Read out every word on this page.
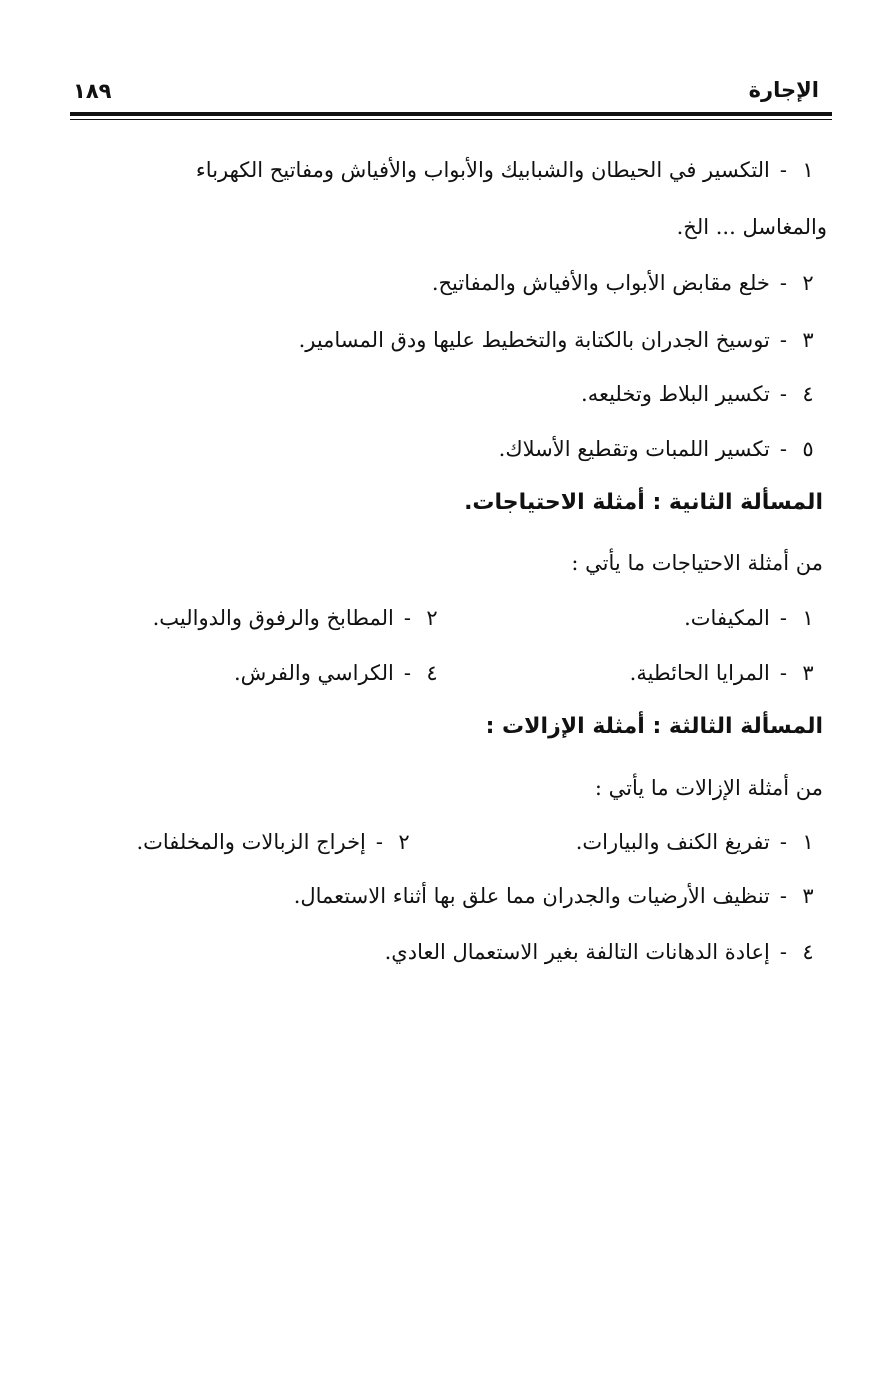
الإجارة
١٨٩
١
-
التكسير في الحيطان والشبابيك والأبواب والأفياش ومفاتيح الكهرباء
والمغاسل ... الخ.
٢
-
خلع مقابض الأبواب والأفياش والمفاتيح.
٣
-
توسيخ الجدران بالكتابة والتخطيط عليها ودق المسامير.
٤
-
تكسير البلاط وتخليعه.
٥
-
تكسير اللمبات وتقطيع الأسلاك.
المسألة الثانية : أمثلة الاحتياجات.
من أمثلة الاحتياجات ما يأتي :
١
-
المكيفات.
٢
-
المطابخ والرفوق والدواليب.
٣
-
المرايا الحائطية.
٤
-
الكراسي والفرش.
المسألة الثالثة : أمثلة الإزالات :
من أمثلة الإزالات ما يأتي :
١
-
تفريغ الكنف والبيارات.
٢
-
إخراج الزبالات والمخلفات.
٣
-
تنظيف الأرضيات والجدران مما علق بها أثناء الاستعمال.
٤
-
إعادة الدهانات التالفة بغير الاستعمال العادي.
